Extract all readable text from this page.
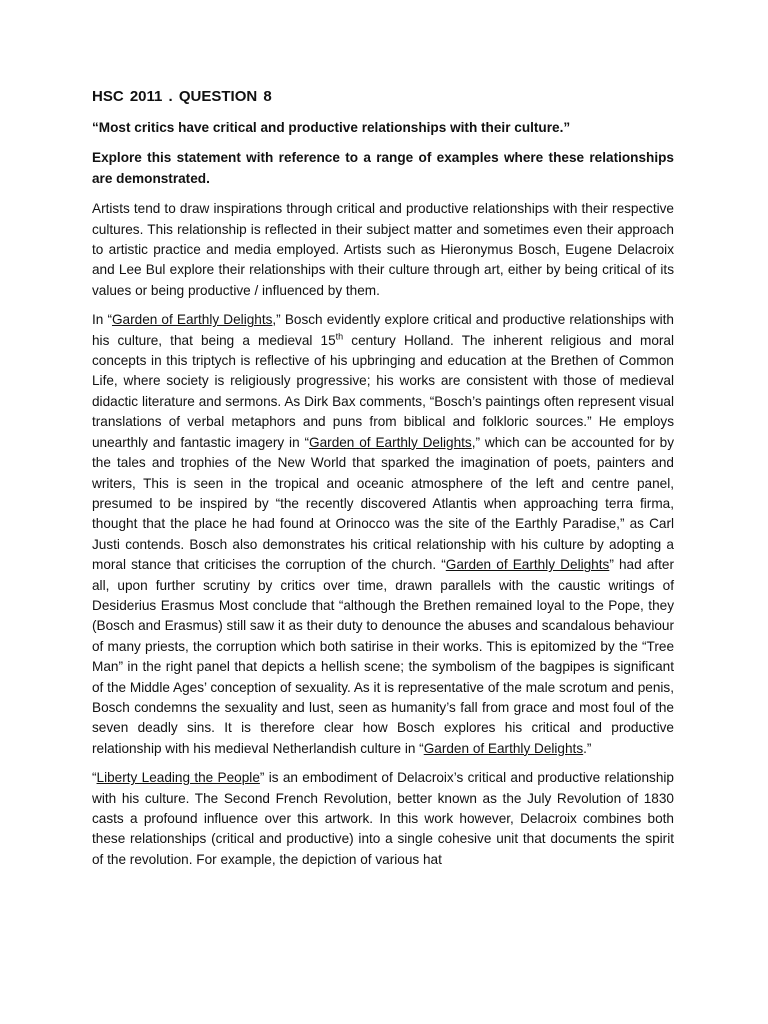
HSC 2011 . QUESTION 8
“Most critics have critical and productive relationships with their culture.”

Explore this statement with reference to a range of examples where these relationships are demonstrated.

Artists tend to draw inspirations through critical and productive relationships with their respective cultures. This relationship is reflected in their subject matter and sometimes even their approach to artistic practice and media employed. Artists such as Hieronymus Bosch, Eugene Delacroix and Lee Bul explore their relationships with their culture through art, either by being critical of its values or being productive / influenced by them.

In “Garden of Earthly Delights,” Bosch evidently explore critical and productive relationships with his culture, that being a medieval 15th century Holland. The inherent religious and moral concepts in this triptych is reflective of his upbringing and education at the Brethen of Common Life, where society is religiously progressive; his works are consistent with those of medieval didactic literature and sermons. As Dirk Bax comments, “Bosch’s paintings often represent visual translations of verbal metaphors and puns from biblical and folkloric sources.” He employs unearthly and fantastic imagery in “Garden of Earthly Delights,” which can be accounted for by the tales and trophies of the New World that sparked the imagination of poets, painters and writers, This is seen in the tropical and oceanic atmosphere of the left and centre panel, presumed to be inspired by “the recently discovered Atlantis when approaching terra firma, thought that the place he had found at Orinocco was the site of the Earthly Paradise,” as Carl Justi contends. Bosch also demonstrates his critical relationship with his culture by adopting a moral stance that criticises the corruption of the church. “Garden of Earthly Delights” had after all, upon further scrutiny by critics over time, drawn parallels with the caustic writings of Desiderius Erasmus Most conclude that “although the Brethen remained loyal to the Pope, they (Bosch and Erasmus) still saw it as their duty to denounce the abuses and scandalous behaviour of many priests, the corruption which both satirise in their works. This is epitomized by the “Tree Man” in the right panel that depicts a hellish scene; the symbolism of the bagpipes is significant of the Middle Ages’ conception of sexuality. As it is representative of the male scrotum and penis, Bosch condemns the sexuality and lust, seen as humanity’s fall from grace and most foul of the seven deadly sins. It is therefore clear how Bosch explores his critical and productive relationship with his medieval Netherlandish culture in “Garden of Earthly Delights.”

“Liberty Leading the People” is an embodiment of Delacroix’s critical and productive relationship with his culture. The Second French Revolution, better known as the July Revolution of 1830 casts a profound influence over this artwork. In this work however, Delacroix combines both these relationships (critical and productive) into a single cohesive unit that documents the spirit of the revolution. For example, the depiction of various hat
